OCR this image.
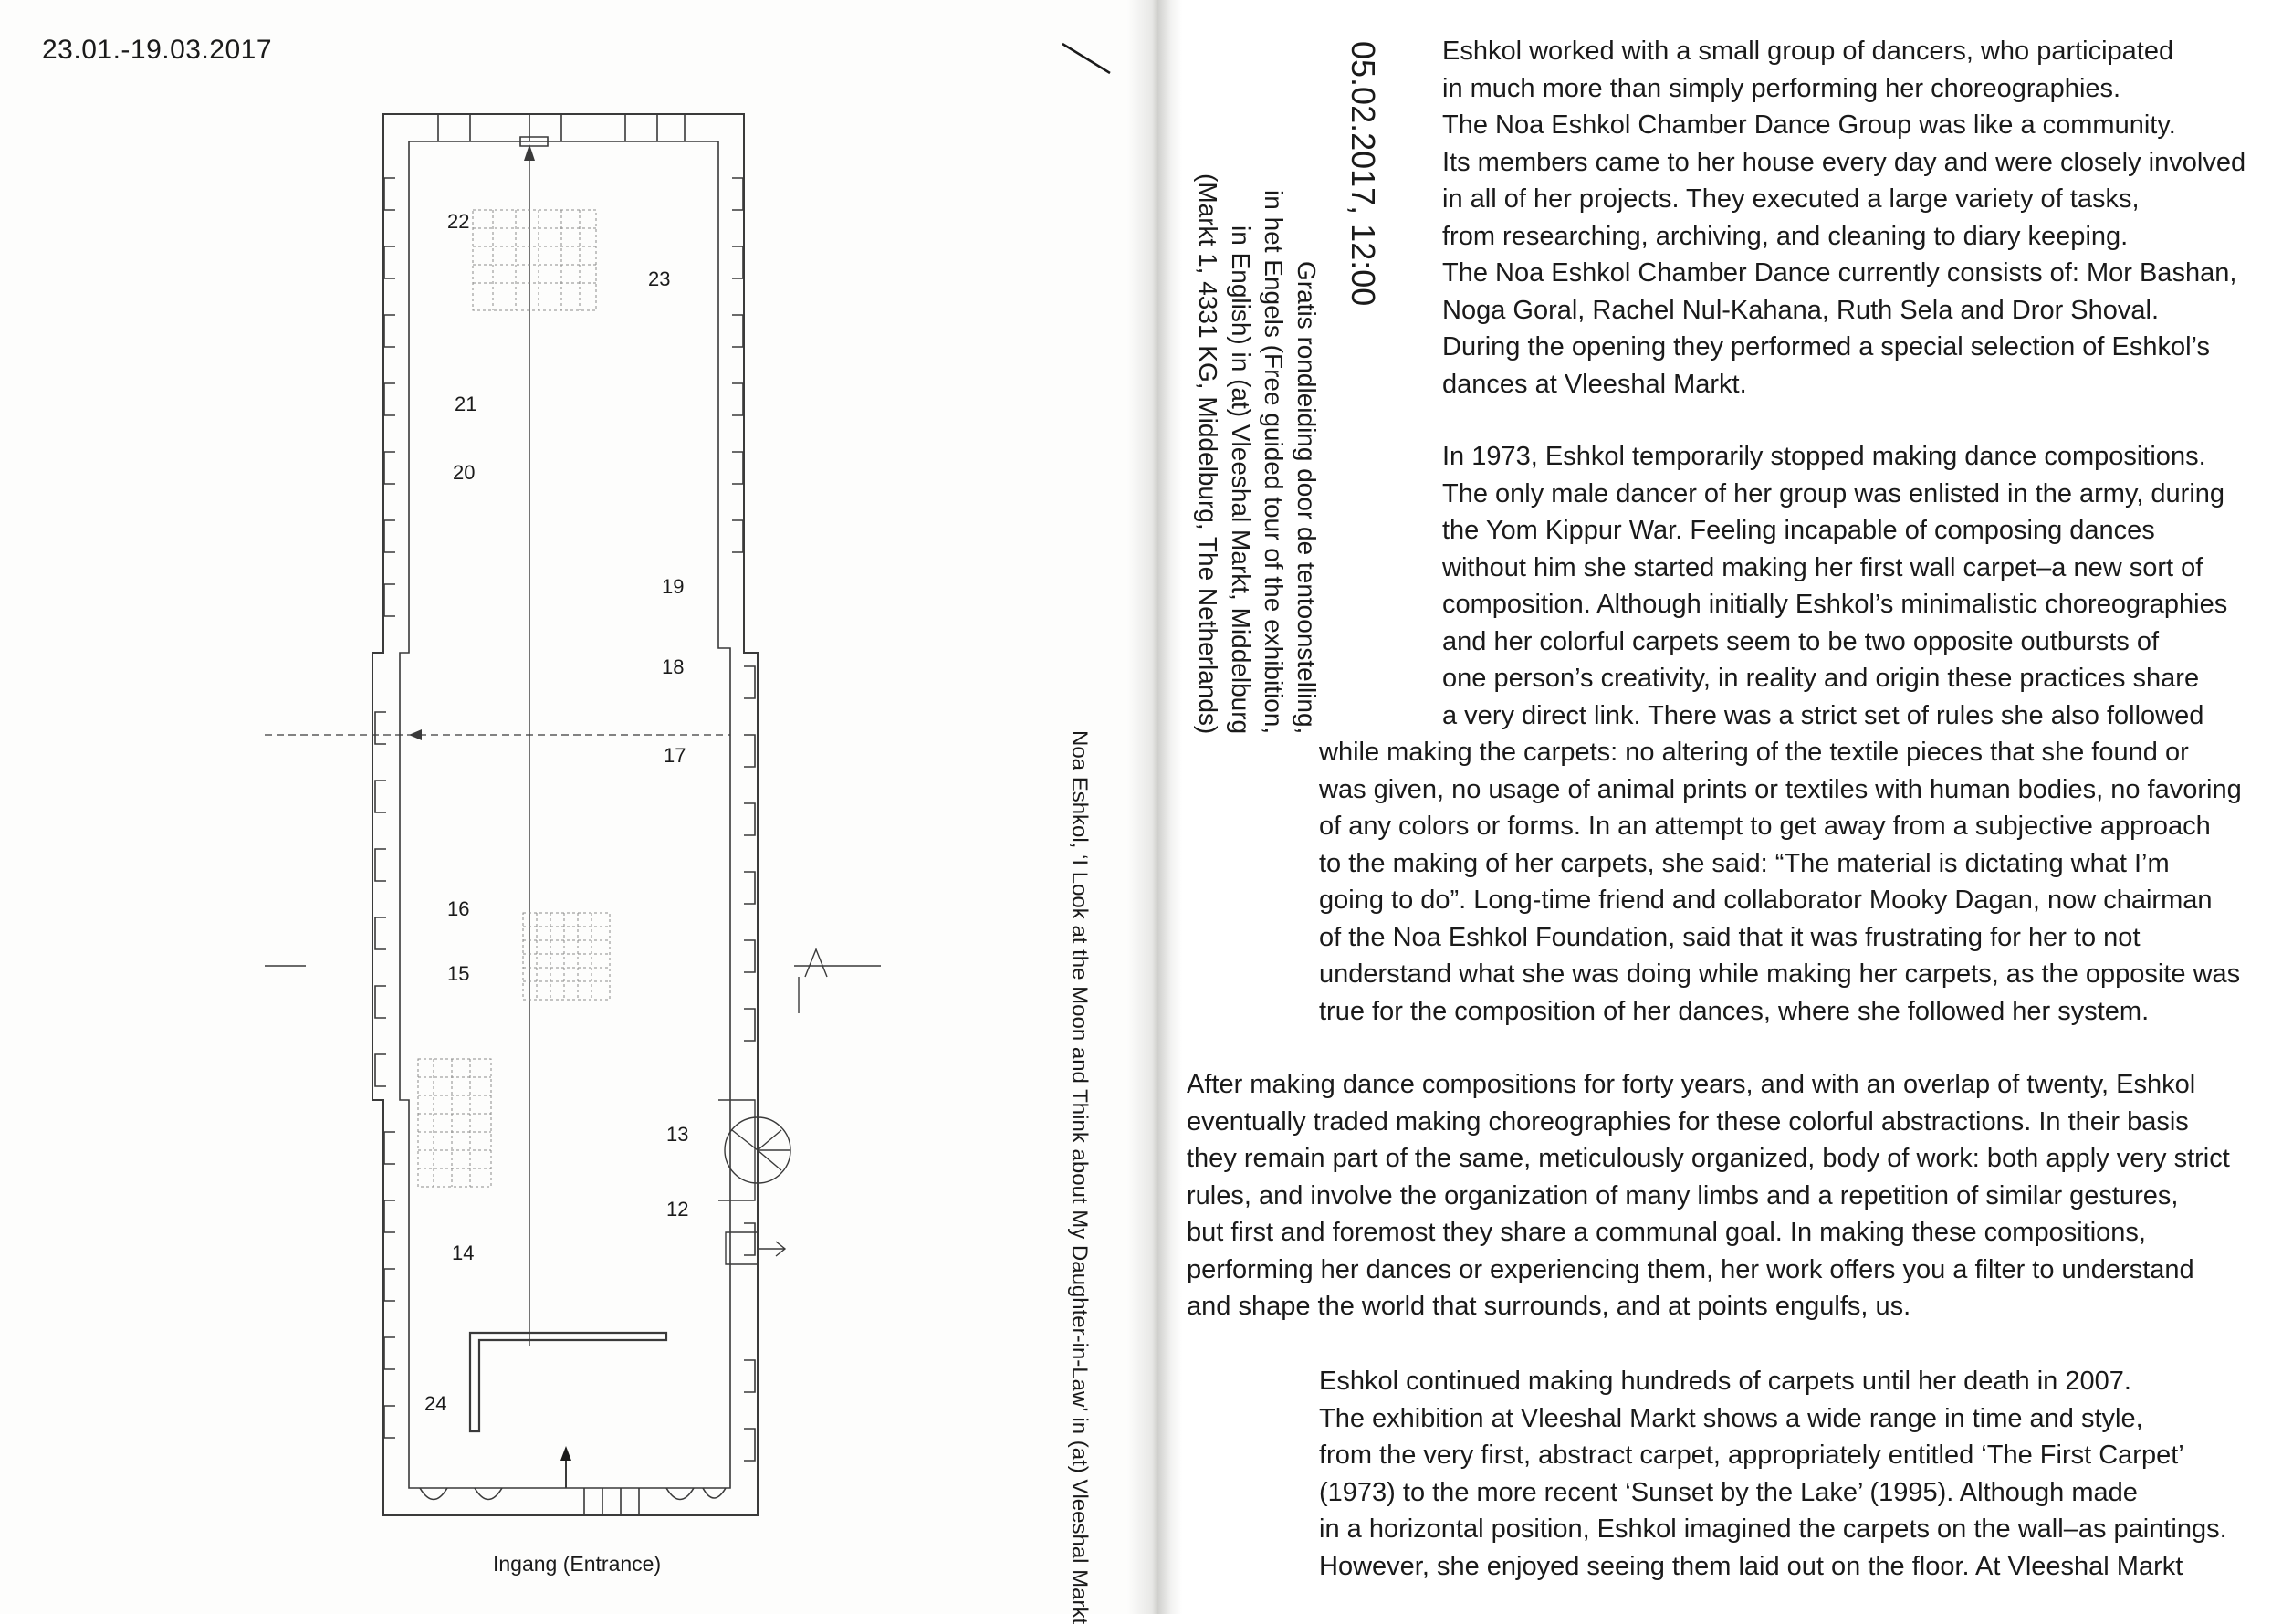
23.01.-19.03.2017
22
23
21
20
19
18
17
16
15
13
12
14
24
Ingang (Entrance)	Noa Eshkol, ‘I Look at the Moon and Think about My Daughter-in-Law’ in (at) Vleeshal Markt
05.02.2017, 12:00
Gratis rondleiding door de tentoonstelling,
in het Engels (Free guided tour of the exhibition,
in English) in (at) Vleeshal Markt, Middelburg
(Markt 1, 4331 KG, Middelburg, The Netherlands)
Eshkol worked with a small group of dancers, who participated
in much more than simply performing her choreographies.
The Noa Eshkol Chamber Dance Group was like a community.
Its members came to her house every day and were closely involved
in all of her projects. They executed a large variety of tasks,
from researching, archiving, and cleaning to diary keeping.
The Noa Eshkol Chamber Dance currently consists of: Mor Bashan,
Noga Goral, Rachel Nul-Kahana, Ruth Sela and Dror Shoval.
During the opening they performed a special selection of Eshkol’s
dances at Vleeshal Markt.
In 1973, Eshkol temporarily stopped making dance compositions.
The only male dancer of her group was enlisted in the army, during
the Yom Kippur War. Feeling incapable of composing dances
without him she started making her first wall carpet–a new sort of
composition. Although initially Eshkol’s minimalistic choreographies
and her colorful carpets seem to be two opposite outbursts of
one person’s creativity, in reality and origin these practices share
a very direct link. There was a strict set of rules she also followed
while making the carpets: no altering of the textile pieces that she found or
was given, no usage of animal prints or textiles with human bodies, no favoring
of any colors or forms. In an attempt to get away from a subjective approach
to the making of her carpets, she said: “The material is dictating what I’m
going to do”. Long-time friend and collaborator Mooky Dagan, now chairman
of the Noa Eshkol Foundation, said that it was frustrating for her to not
understand what she was doing while making her carpets, as the opposite was
true for the composition of her dances, where she followed her system.
After making dance compositions for forty years, and with an overlap of twenty, Eshkol
eventually traded making choreographies for these colorful abstractions. In their basis
they remain part of the same, meticulously organized, body of work: both apply very strict
rules, and involve the organization of many limbs and a repetition of similar gestures,
but first and foremost they share a communal goal. In making these compositions,
performing her dances or experiencing them, her work offers you a filter to understand
and shape the world that surrounds, and at points engulfs, us.
Eshkol continued making hundreds of carpets until her death in 2007.
The exhibition at Vleeshal Markt shows a wide range in time and style,
from the very first, abstract carpet, appropriately entitled ‘The First Carpet’
(1973) to the more recent ‘Sunset by the Lake’ (1995). Although made
in a horizontal position, Eshkol imagined the carpets on the wall–as paintings.
However, she enjoyed seeing them laid out on the floor. At Vleeshal Markt
